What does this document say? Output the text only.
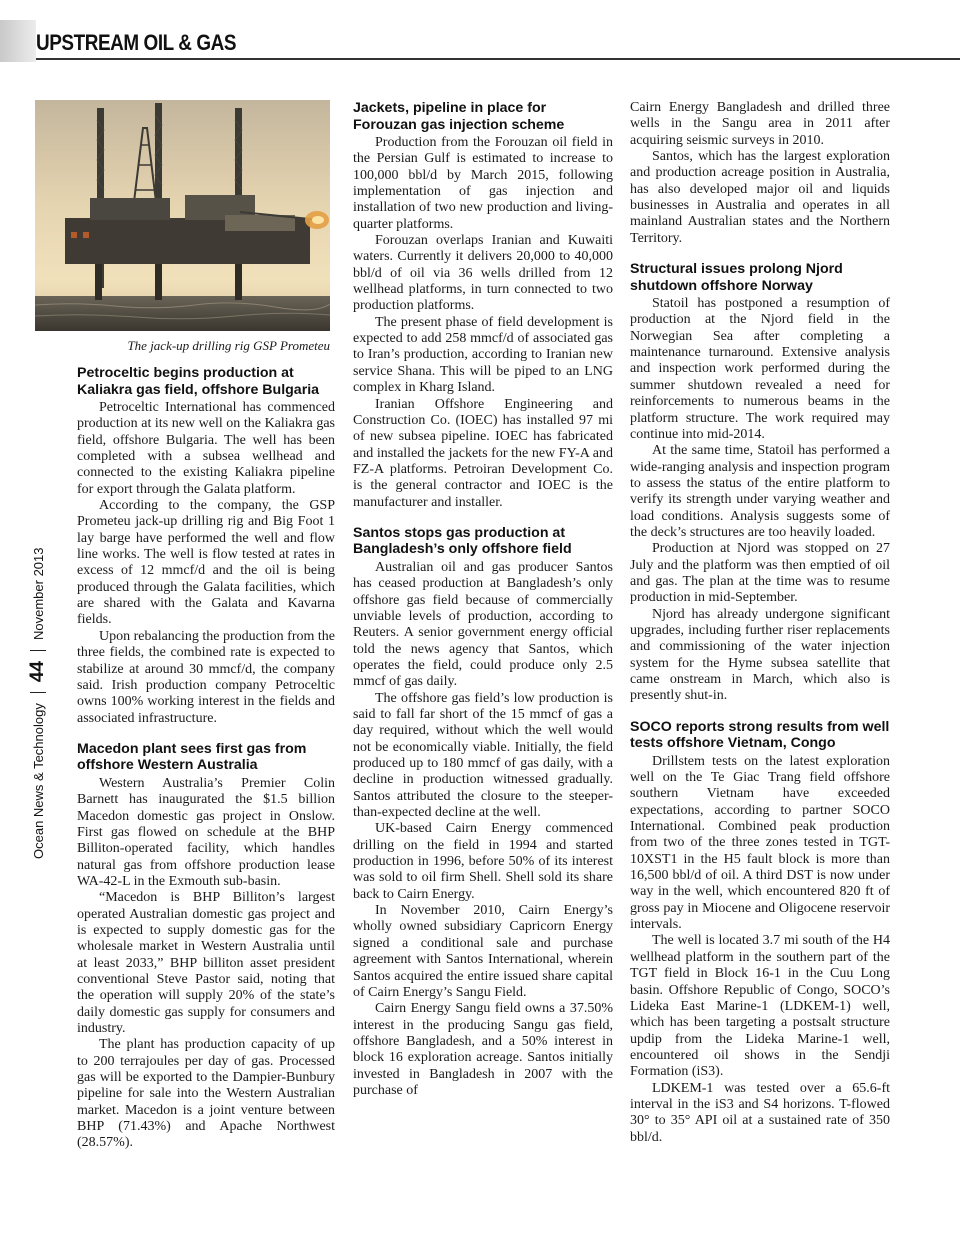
UPSTREAM OIL & GAS
Ocean News & Technology
44
November 2013
The jack-up drilling rig GSP Prometeu
Petroceltic begins production at Kaliakra gas field, offshore Bulgaria

Petroceltic International has commenced production at its new well on the Kaliakra gas field, offshore Bulgaria. The well has been completed with a subsea wellhead and connected to the existing Kaliakra pipeline for export through the Galata platform.

According to the company, the GSP Prometeu jack-up drilling rig and Big Foot 1 lay barge have performed the well and flow line works. The well is flow tested at rates in excess of 12 mmcf/d and the oil is being produced through the Galata facilities, which are shared with the Galata and Kavarna fields.

Upon rebalancing the production from the three fields, the combined rate is expected to stabilize at around 30 mmcf/d, the company said. Irish production company Petroceltic owns 100% working interest in the fields and associated infrastructure.

Macedon plant sees first gas from offshore Western Australia

Western Australia’s Premier Colin Barnett has inaugurated the $1.5 billion Macedon domestic gas project in Onslow. First gas flowed on schedule at the BHP Billiton-operated facility, which handles natural gas from offshore production lease WA-42-L in the Exmouth sub-basin.

“Macedon is BHP Billiton’s largest operated Australian domestic gas project and is expected to supply domestic gas for the wholesale market in Western Australia until at least 2033,” BHP billiton asset president conventional Steve Pastor said, noting that the operation will supply 20% of the state’s daily domestic gas supply for consumers and industry.

The plant has production capacity of up to 200 terrajoules per day of gas. Processed gas will be exported to the Dampier-Bunbury pipeline for sale into the Western Australian market. Macedon is a joint venture between BHP (71.43%) and Apache Northwest (28.57%).

Jackets, pipeline in place for Forouzan gas injection scheme

Production from the Forouzan oil field in the Persian Gulf is estimated to increase to 100,000 bbl/d by March 2015, following implementation of gas injection and installation of two new production and living-quarter platforms.

Forouzan overlaps Iranian and Kuwaiti waters. Currently it delivers 20,000 to 40,000 bbl/d of oil via 36 wells drilled from 12 wellhead platforms, in turn connected to two production platforms.

The present phase of field development is expected to add 258 mmcf/d of associated gas to Iran’s production, according to Iranian new service Shana. This will be piped to an LNG complex in Kharg Island.

Iranian Offshore Engineering and Construction Co. (IOEC) has installed 97 mi of new subsea pipeline. IOEC has fabricated and installed the jackets for the new FY-A and FZ-A platforms. Petroiran Development Co. is the general contractor and IOEC is the manufacturer and installer.

Santos stops gas production at Bangladesh’s only offshore field

Australian oil and gas producer Santos has ceased production at Bangladesh’s only offshore gas field because of commercially unviable levels of production, according to Reuters. A senior government energy official told the news agency that Santos, which operates the field, could produce only 2.5 mmcf of gas daily.

The offshore gas field’s low production is said to fall far short of the 15 mmcf of gas a day required, without which the well would not be economically viable. Initially, the field produced up to 180 mmcf of gas daily, with a decline in production witnessed gradually. Santos attributed the closure to the steeper-than-expected decline at the well.

UK-based Cairn Energy commenced drilling on the field in 1994 and started production in 1996, before 50% of its interest was sold to oil firm Shell. Shell sold its share back to Cairn Energy.

In November 2010, Cairn Energy’s wholly owned subsidiary Capricorn Energy signed a conditional sale and purchase agreement with Santos International, wherein Santos acquired the entire issued share capital of Cairn Energy’s Sangu Field.

Cairn Energy Sangu field owns a 37.50% interest in the producing Sangu gas field, offshore Bangladesh, and a 50% interest in block 16 exploration acreage. Santos initially invested in Bangladesh in 2007 with the purchase of

Cairn Energy Bangladesh and drilled three wells in the Sangu area in 2011 after acquiring seismic surveys in 2010.

Santos, which has the largest exploration and production acreage position in Australia, has also developed major oil and liquids businesses in Australia and operates in all mainland Australian states and the Northern Territory.

Structural issues prolong Njord shutdown offshore Norway

Statoil has postponed a resumption of production at the Njord field in the Norwegian Sea after completing a maintenance turnaround. Extensive analysis and inspection work performed during the summer shutdown revealed a need for reinforcements to numerous beams in the platform structure. The work required may continue into mid-2014.

At the same time, Statoil has performed a wide-ranging analysis and inspection program to assess the status of the entire platform to verify its strength under varying weather and load conditions. Analysis suggests some of the deck’s structures are too heavily loaded.

Production at Njord was stopped on 27 July and the platform was then emptied of oil and gas. The plan at the time was to resume production in mid-September.

Njord has already undergone significant upgrades, including further riser replacements and commissioning of the water injection system for the Hyme subsea satellite that came onstream in March, which also is presently shut-in.

SOCO reports strong results from well tests offshore Vietnam, Congo

Drillstem tests on the latest exploration well on the Te Giac Trang field offshore southern Vietnam have exceeded expectations, according to partner SOCO International. Combined peak production from two of the three zones tested in TGT-10XST1 in the H5 fault block is more than 16,500 bbl/d of oil. A third DST is now under way in the well, which encountered 820 ft of gross pay in Miocene and Oligocene reservoir intervals.

The well is located 3.7 mi south of the H4 wellhead platform in the southern part of the TGT field in Block 16-1 in the Cuu Long basin. Offshore Republic of Congo, SOCO’s Lideka East Marine-1 (LDKEM-1) well, which has been targeting a postsalt structure updip from the Lideka Marine-1 well, encountered oil shows in the Sendji Formation (iS3).

LDKEM-1 was tested over a 65.6-ft interval in the iS3 and S4 horizons. T-flowed 30° to 35° API oil at a sustained rate of 350 bbl/d.
